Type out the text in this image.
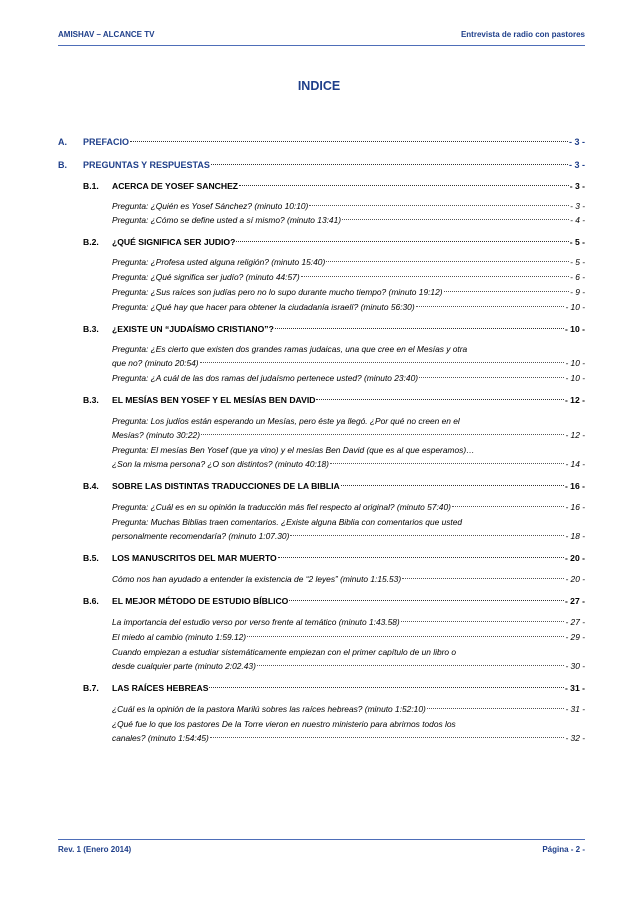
AMISHAV – ALCANCE TV	Entrevista de radio con pastores
INDICE
A. PREFACIO	- 3 -
B. PREGUNTAS Y RESPUESTAS	- 3 -
B.1. ACERCA DE YOSEF SANCHEZ	- 3 -
Pregunta: ¿Quién es Yosef Sánchez? (minuto 10:10)	- 3 -
Pregunta: ¿Cómo se define usted a sí mismo? (minuto 13:41)	- 4 -
B.2. ¿QUÉ SIGNIFICA SER JUDIO?	- 5 -
Pregunta: ¿Profesa usted alguna religión? (minuto 15:40)	- 5 -
Pregunta: ¿Qué significa ser judío? (minuto 44:57)	- 6 -
Pregunta: ¿Sus raíces son judías pero no lo supo durante mucho tiempo? (minuto 19:12)	- 9 -
Pregunta: ¿Qué hay que hacer para obtener la ciudadanía israelí? (minuto 56:30)	- 10 -
B.3. ¿EXISTE UN “JUDAÍSMO CRISTIANO”?	- 10 -
Pregunta: ¿Es cierto que existen dos grandes ramas judaicas, una que cree en el Mesías y otra
que no? (minuto 20:54)	- 10 -
Pregunta: ¿A cuál de las dos ramas del judaísmo pertenece usted? (minuto 23:40)	- 10 -
B.3. EL MESÍAS BEN YOSEF Y EL MESÍAS BEN DAVID	- 12 -
Pregunta: Los judíos están esperando un Mesías, pero éste ya llegó. ¿Por qué no creen en el
Mesías? (minuto 30:22)	- 12 -
Pregunta: El mesías Ben Yosef (que ya vino) y el mesías Ben David (que es al que esperamos)…
¿Son la misma persona? ¿O son distintos? (minuto 40:18)	- 14 -
B.4. SOBRE LAS DISTINTAS TRADUCCIONES DE LA BIBLIA	- 16 -
Pregunta: ¿Cuál es en su opinión la traducción más fiel respecto al original? (minuto 57:40)	- 16 -
Pregunta: Muchas Biblias traen comentarios. ¿Existe alguna Biblia con comentarios que usted
personalmente recomendaría? (minuto 1:07.30)	- 18 -
B.5. LOS MANUSCRITOS DEL MAR MUERTO	- 20 -
Cómo nos han ayudado a entender la existencia de “2 leyes” (minuto 1:15.53)	- 20 -
B.6. EL MEJOR MÉTODO DE ESTUDIO BÍBLICO	- 27 -
La importancia del estudio verso por verso frente al temático (minuto 1:43.58)	- 27 -
El miedo al cambio (minuto 1:59.12)	- 29 -
Cuando empiezan a estudiar sistemáticamente empiezan con el primer capítulo de un libro o
desde cualquier parte (minuto 2:02.43)	- 30 -
B.7. LAS RAÍCES HEBREAS	- 31 -
¿Cuál es la opinión de la pastora Marilú sobres las raíces hebreas? (minuto 1:52:10)	- 31 -
¿Qué fue lo que los pastores De la Torre vieron en nuestro ministerio para abrirnos todos los
canales? (minuto 1:54:45)	- 32 -
Rev. 1 (Enero 2014)	Página - 2 -
